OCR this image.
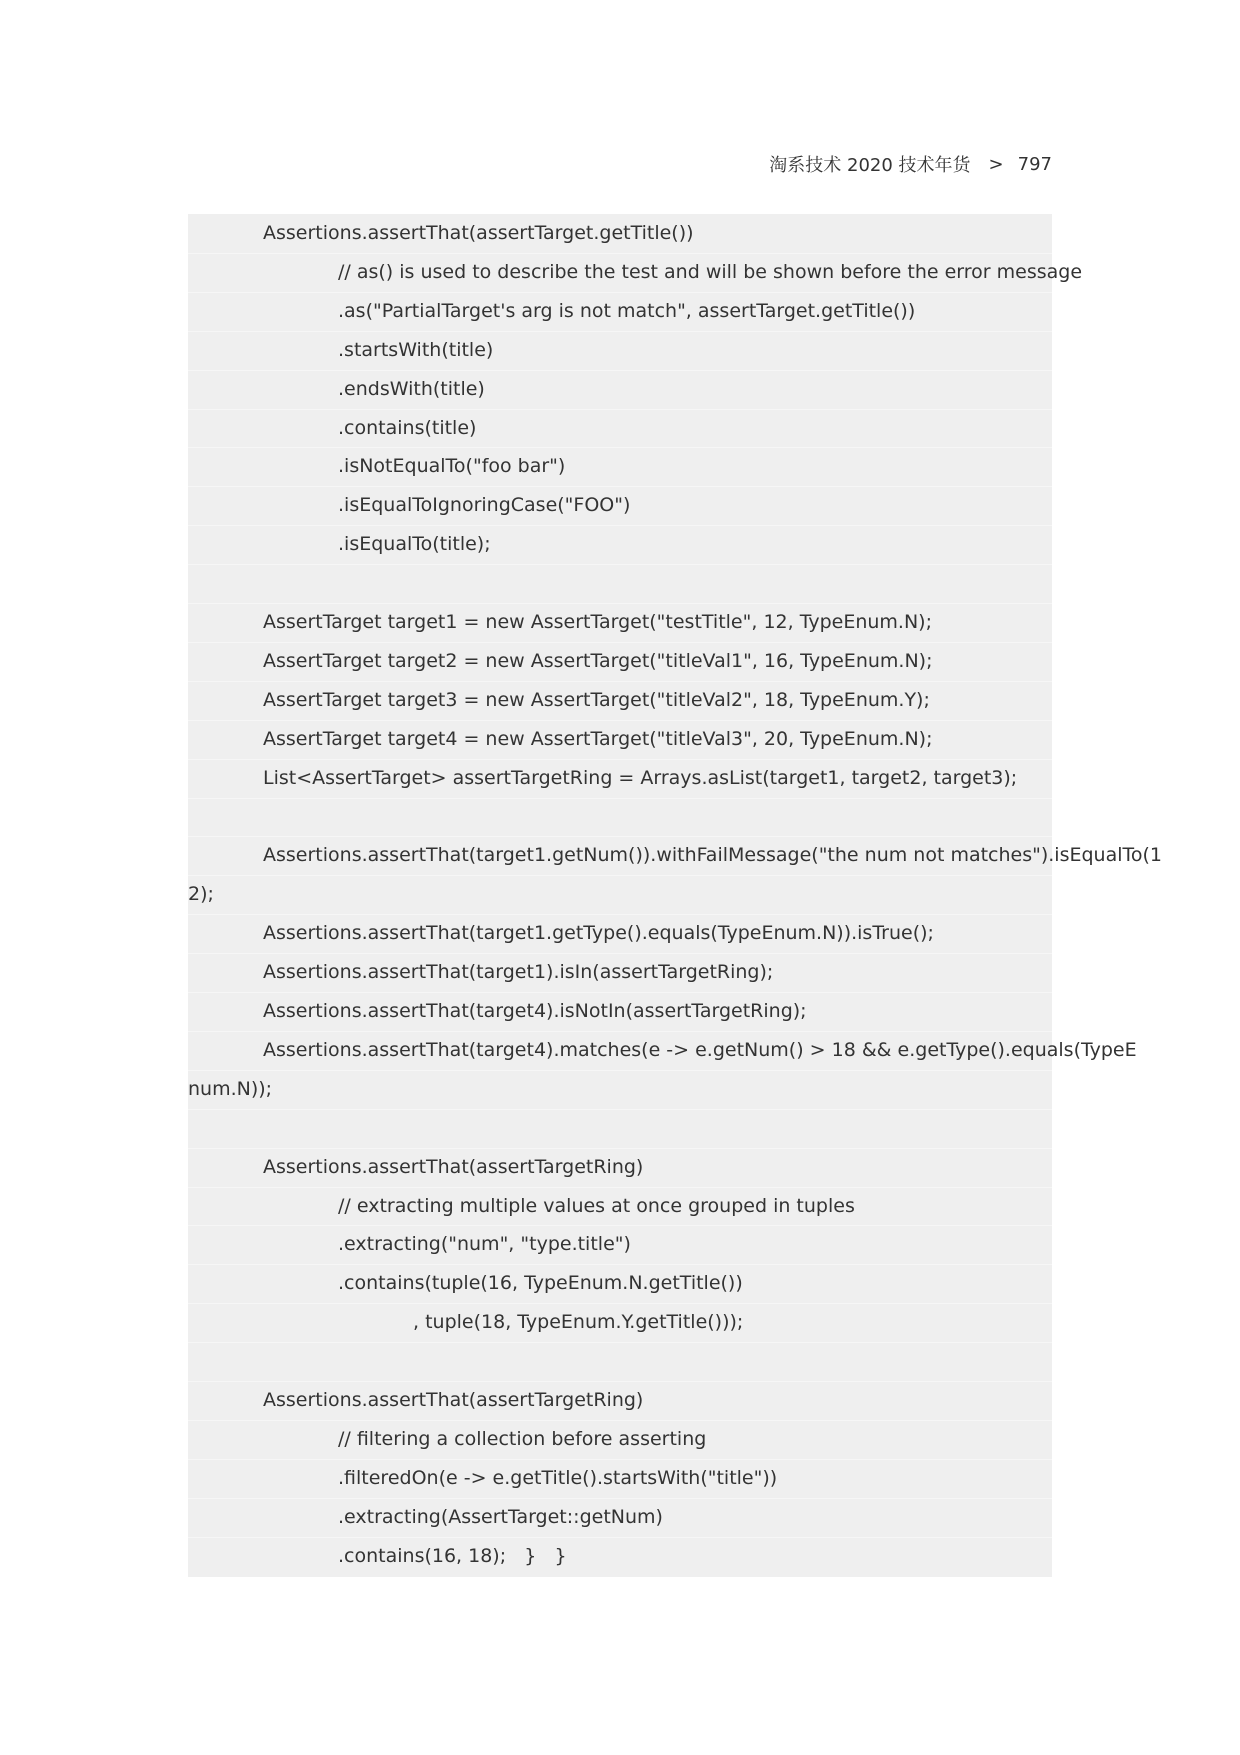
淘系技术 2020 技术年货 > 797
Assertions.assertThat(assertTarget.getTitle())
// as() is used to describe the test and will be shown before the error message
.as("PartialTarget's arg is not match", assertTarget.getTitle())
.startsWith(title)
.endsWith(title)
.contains(title)
.isNotEqualTo("foo bar")
.isEqualToIgnoringCase("FOO")
.isEqualTo(title);
AssertTarget target1 = new AssertTarget("testTitle", 12, TypeEnum.N);
AssertTarget target2 = new AssertTarget("titleVal1", 16, TypeEnum.N);
AssertTarget target3 = new AssertTarget("titleVal2", 18, TypeEnum.Y);
AssertTarget target4 = new AssertTarget("titleVal3", 20, TypeEnum.N);
List<AssertTarget> assertTargetRing = Arrays.asList(target1, target2, target3);
Assertions.assertThat(target1.getNum()).withFailMessage("the num not matches").isEqualTo(1
2);
Assertions.assertThat(target1.getType().equals(TypeEnum.N)).isTrue();
Assertions.assertThat(target1).isIn(assertTargetRing);
Assertions.assertThat(target4).isNotIn(assertTargetRing);
Assertions.assertThat(target4).matches(e -> e.getNum() > 18 && e.getType().equals(TypeE
num.N));
Assertions.assertThat(assertTargetRing)
// extracting multiple values at once grouped in tuples
.extracting("num", "type.title")
.contains(tuple(16, TypeEnum.N.getTitle())
, tuple(18, TypeEnum.Y.getTitle()));
Assertions.assertThat(assertTargetRing)
// filtering a collection before asserting
.filteredOn(e -> e.getTitle().startsWith("title"))
.extracting(AssertTarget::getNum)
.contains(16, 18);   }   }
